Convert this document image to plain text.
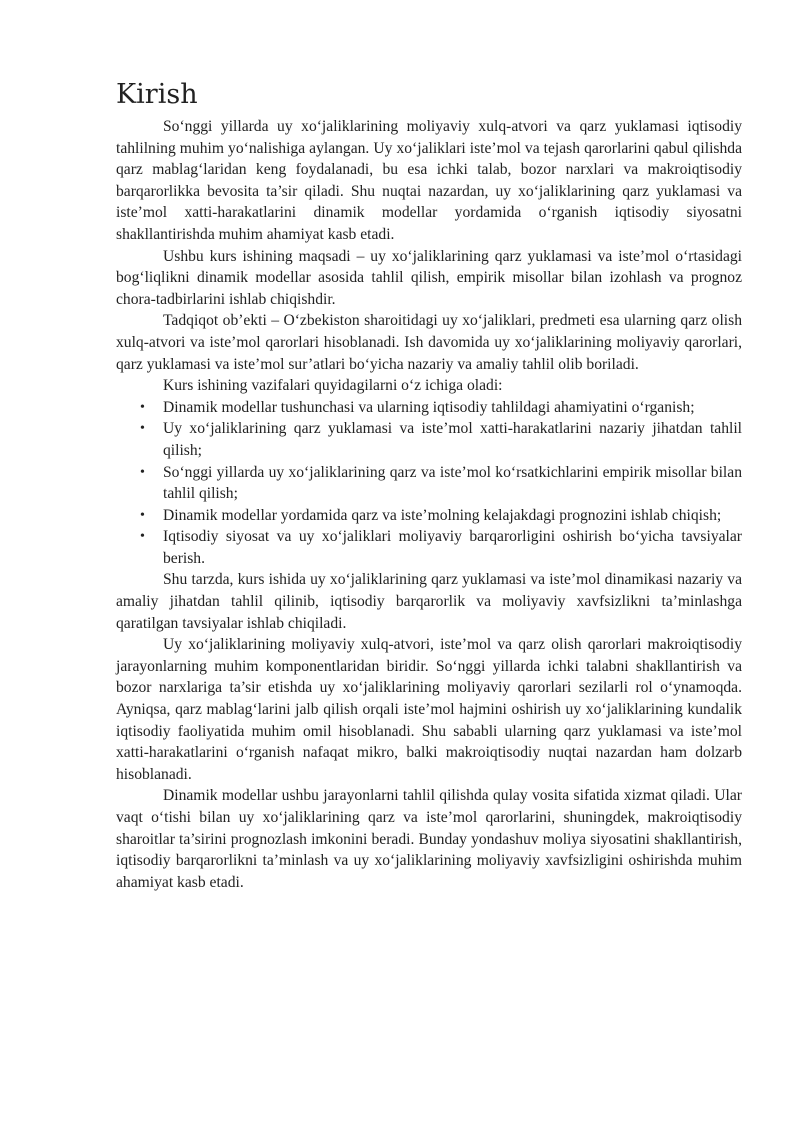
Kirish

So‘nggi yillarda uy xo‘jaliklarining moliyaviy xulq-atvori va qarz yuklamasi iqtisodiy tahlilning muhim yo‘nalishiga aylangan. Uy xo‘jaliklari iste’mol va tejash qarorlarini qabul qilishda qarz mablag‘laridan keng foydalanadi, bu esa ichki talab, bozor narxlari va makroiqtisodiy barqarorlikka bevosita ta’sir qiladi. Shu nuqtai nazardan, uy xo‘jaliklarining qarz yuklamasi va iste’mol xatti-harakatlarini dinamik modellar yordamida o‘rganish iqtisodiy siyosatni shakllantirishda muhim ahamiyat kasb etadi.

Ushbu kurs ishining maqsadi – uy xo‘jaliklarining qarz yuklamasi va iste’mol o‘rtasidagi bog‘liqlikni dinamik modellar asosida tahlil qilish, empirik misollar bilan izohlash va prognoz chora-tadbirlarini ishlab chiqishdir.

Tadqiqot ob’ekti – O‘zbekiston sharoitidagi uy xo‘jaliklari, predmeti esa ularning qarz olish xulq-atvori va iste’mol qarorlari hisoblanadi. Ish davomida uy xo‘jaliklarining moliyaviy qarorlari, qarz yuklamasi va iste’mol sur’atlari bo‘yicha nazariy va amaliy tahlil olib boriladi.

Kurs ishining vazifalari quyidagilarni o‘z ichiga oladi:

• Dinamik modellar tushunchasi va ularning iqtisodiy tahlildagi ahamiyatini o‘rganish;
• Uy xo‘jaliklarining qarz yuklamasi va iste’mol xatti-harakatlarini nazariy jihatdan tahlil qilish;
• So‘nggi yillarda uy xo‘jaliklarining qarz va iste’mol ko‘rsatkichlarini empirik misollar bilan tahlil qilish;
• Dinamik modellar yordamida qarz va iste’molning kelajakdagi prognozini ishlab chiqish;
• Iqtisodiy siyosat va uy xo‘jaliklari moliyaviy barqarorligini oshirish bo‘yicha tavsiyalar berish.

Shu tarzda, kurs ishida uy xo‘jaliklarining qarz yuklamasi va iste’mol dinamikasi nazariy va amaliy jihatdan tahlil qilinib, iqtisodiy barqarorlik va moliyaviy xavfsizlikni ta’minlashga qaratilgan tavsiyalar ishlab chiqiladi.

Uy xo‘jaliklarining moliyaviy xulq-atvori, iste’mol va qarz olish qarorlari makroiqtisodiy jarayonlarning muhim komponentlaridan biridir. So‘nggi yillarda ichki talabni shakllantirish va bozor narxlariga ta’sir etishda uy xo‘jaliklarining moliyaviy qarorlari sezilarli rol o‘ynamoqda. Ayniqsa, qarz mablag‘larini jalb qilish orqali iste’mol hajmini oshirish uy xo‘jaliklarining kundalik iqtisodiy faoliyatida muhim omil hisoblanadi. Shu sababli ularning qarz yuklamasi va iste’mol xatti-harakatlarini o‘rganish nafaqat mikro, balki makroiqtisodiy nuqtai nazardan ham dolzarb hisoblanadi.

Dinamik modellar ushbu jarayonlarni tahlil qilishda qulay vosita sifatida xizmat qiladi. Ular vaqt o‘tishi bilan uy xo‘jaliklarining qarz va iste’mol qarorlarini, shuningdek, makroiqtisodiy sharoitlar ta’sirini prognozlash imkonini beradi. Bunday yondashuv moliya siyosatini shakllantirish, iqtisodiy barqarorlikni ta’minlash va uy xo‘jaliklarining moliyaviy xavfsizligini oshirishda muhim ahamiyat kasb etadi.
